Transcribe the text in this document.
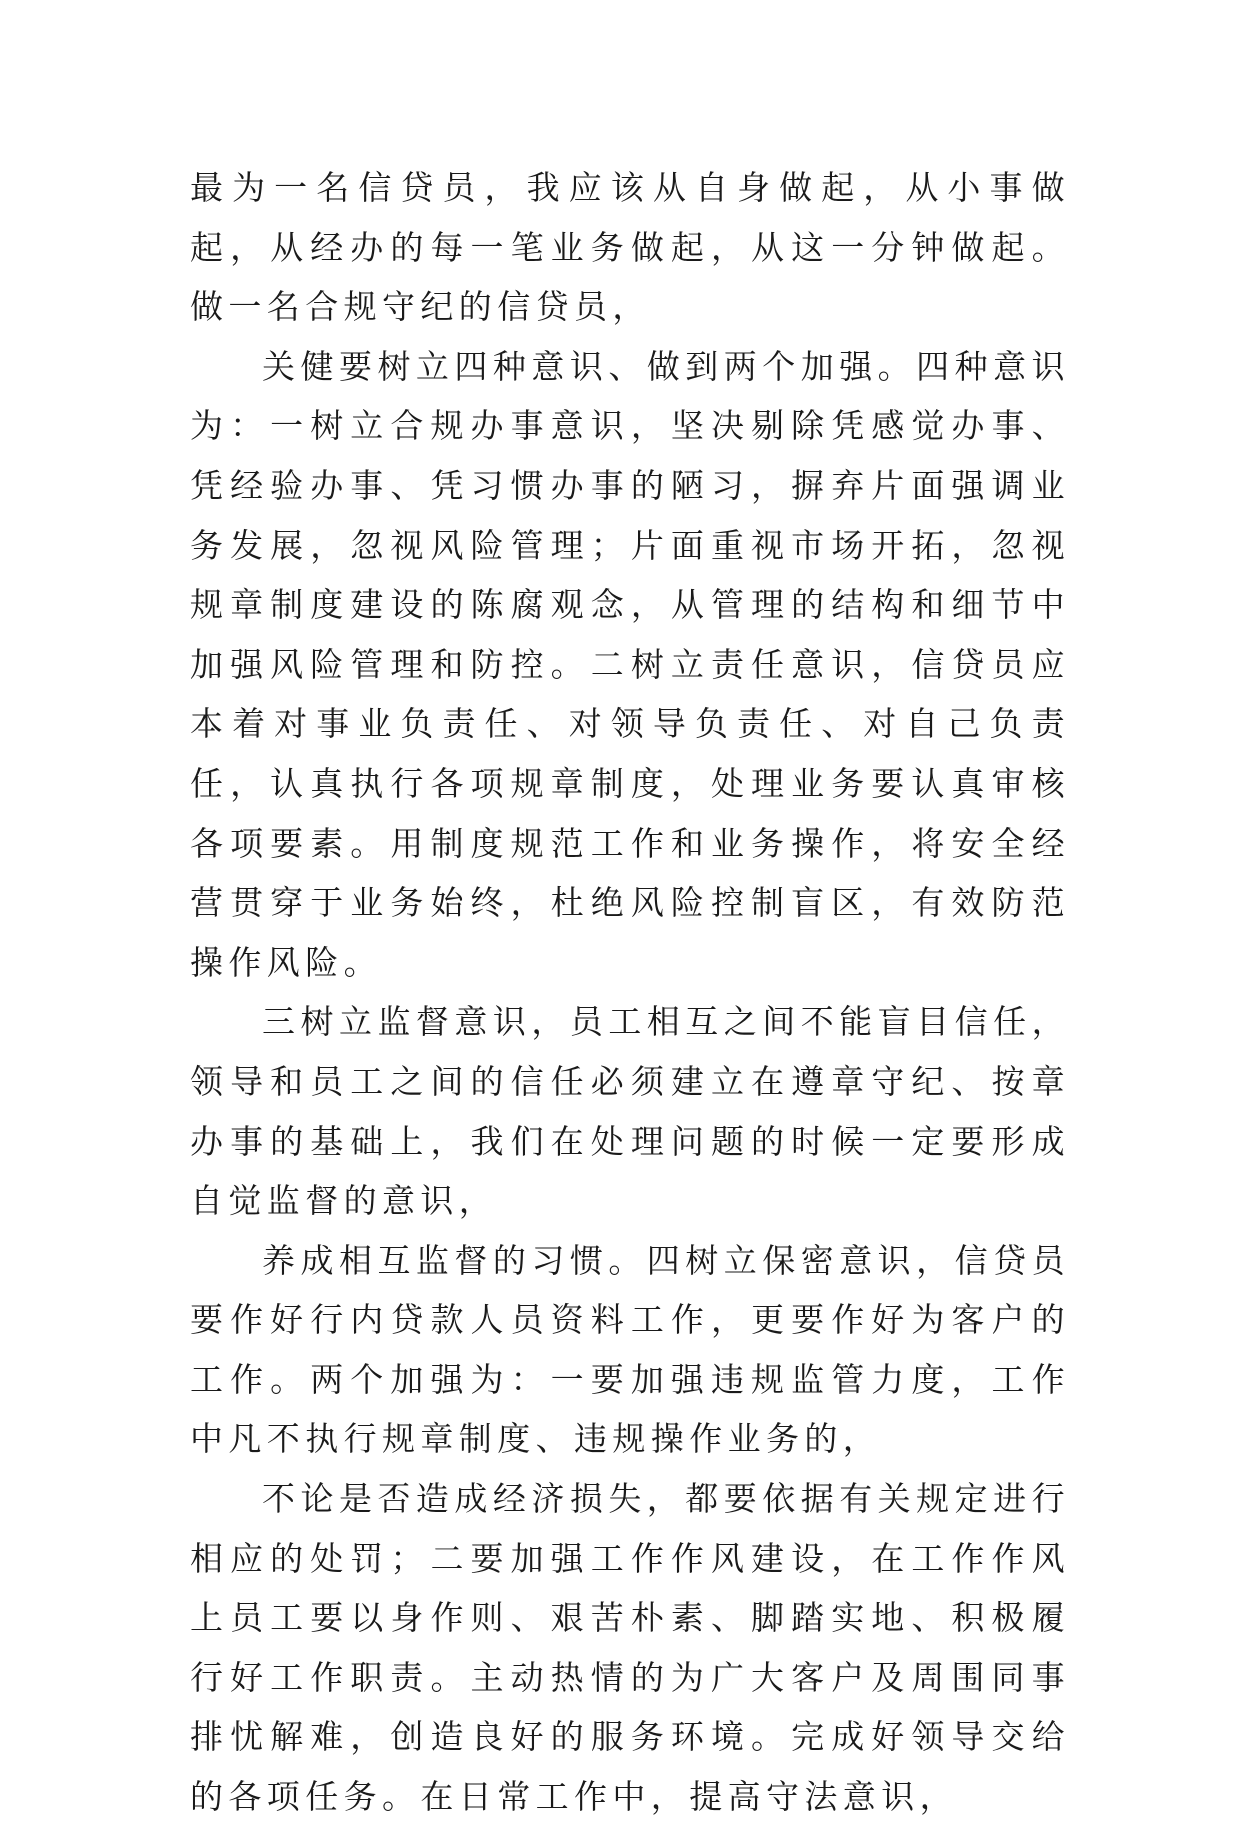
最为一名信贷员，我应该从自身做起，从小事做起，从经办的每一笔业务做起，从这一分钟做起。做一名合规守纪的信贷员，

关健要树立四种意识、做到两个加强。四种意识为：一树立合规办事意识，坚决剔除凭感觉办事、凭经验办事、凭习惯办事的陋习，摒弃片面强调业务发展，忽视风险管理；片面重视市场开拓，忽视规章制度建设的陈腐观念，从管理的结构和细节中加强风险管理和防控。二树立责任意识，信贷员应本着对事业负责任、对领导负责任、对自己负责任，认真执行各项规章制度，处理业务要认真审核各项要素。用制度规范工作和业务操作，将安全经营贯穿于业务始终，杜绝风险控制盲区，有效防范操作风险。

三树立监督意识，员工相互之间不能盲目信任，领导和员工之间的信任必须建立在遵章守纪、按章办事的基础上，我们在处理问题的时候一定要形成自觉监督的意识，

养成相互监督的习惯。四树立保密意识，信贷员要作好行内贷款人员资料工作，更要作好为客户的工作。两个加强为：一要加强违规监管力度，工作中凡不执行规章制度、违规操作业务的，

不论是否造成经济损失，都要依据有关规定进行相应的处罚；二要加强工作作风建设，在工作作风上员工要以身作则、艰苦朴素、脚踏实地、积极履行好工作职责。主动热情的为广大客户及周围同事排忧解难，创造良好的服务环境。完成好领导交给的各项任务。在日常工作中，提高守法意识，
